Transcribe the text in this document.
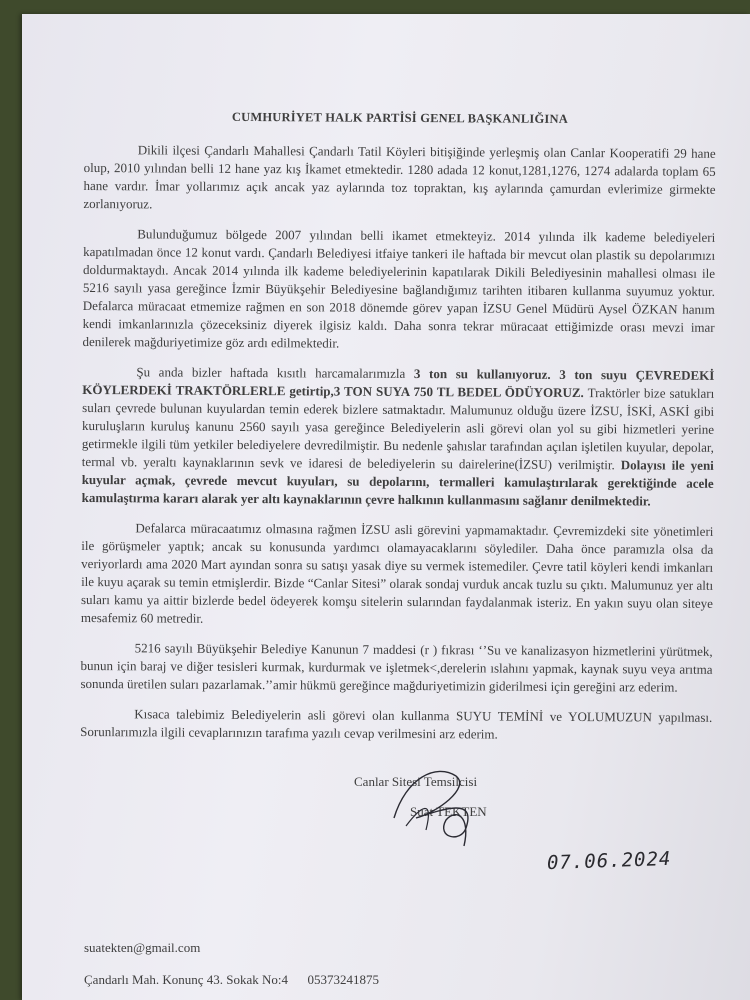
CUMHURİYET HALK PARTİSİ GENEL BAŞKANLIĞINA

Dikili ilçesi Çandarlı Mahallesi Çandarlı Tatil Köyleri bitişiğinde yerleşmiş olan Canlar Kooperatifi 29 hane olup, 2010 yılından belli 12 hane yaz kış İkamet etmektedir. 1280 adada 12 konut,1281,1276, 1274 adalarda toplam 65 hane vardır. İmar yollarımız açık ancak yaz aylarında toz topraktan, kış aylarında çamurdan evlerimize girmekte zorlanıyoruz.

Bulunduğumuz bölgede 2007 yılından belli ikamet etmekteyiz. 2014 yılında ilk kademe belediyeleri kapatılmadan önce 12 konut vardı. Çandarlı Belediyesi itfaiye tankeri ile haftada bir mevcut olan plastik su depolarımızı doldurmaktaydı. Ancak 2014 yılında ilk kademe belediyelerinin kapatılarak Dikili Belediyesinin mahallesi olması ile 5216 sayılı yasa gereğince İzmir Büyükşehir Belediyesine bağlandığımız tarihten itibaren kullanma suyumuz yoktur. Defalarca müracaat etmemize rağmen en son 2018 dönemde görev yapan İZSU Genel Müdürü Aysel ÖZKAN hanım kendi imkanlarınızla çözeceksiniz diyerek ilgisiz kaldı. Daha sonra tekrar müracaat ettiğimizde orası mevzi imar denilerek mağduriyetimize göz ardı edilmektedir.

Şu anda bizler haftada kısıtlı harcamalarımızla 3 ton su kullanıyoruz. 3 ton suyu ÇEVREDEKİ KÖYLERDEKİ TRAKTÖRLERLE getirtip,3 TON SUYA 750 TL BEDEL ÖDÜYORUZ. Traktörler bize satukları suları çevrede bulunan kuyulardan temin ederek bizlere satmaktadır. Malumunuz olduğu üzere İZSU, İSKİ, ASKİ gibi kuruluşların kuruluş kanunu 2560 sayılı yasa gereğince Belediyelerin asli görevi olan yol su gibi hizmetleri yerine getirmekle ilgili tüm yetkiler belediyelere devredilmiştir. Bu nedenle şahıslar tarafından açılan işletilen kuyular, depolar, termal vb. yeraltı kaynaklarının sevk ve idaresi de belediyelerin su dairelerine(İZSU) verilmiştir. Dolayısı ile yeni kuyular açmak, çevrede mevcut kuyuları, su depolarını, termalleri kamulaştırılarak gerektiğinde acele kamulaştırma kararı alarak yer altı kaynaklarının çevre halkının kullanmasını sağlanır denilmektedir.

Defalarca müracaatımız olmasına rağmen İZSU asli görevini yapmamaktadır. Çevremizdeki site yönetimleri ile görüşmeler yaptık; ancak su konusunda yardımcı olamayacaklarını söylediler. Daha önce paramızla olsa da veriyorlardı ama 2020 Mart ayından sonra su satışı yasak diye su vermek istemediler. Çevre tatil köyleri kendi imkanları ile kuyu açarak su temin etmişlerdir. Bizde “Canlar Sitesi” olarak sondaj vurduk ancak tuzlu su çıktı. Malumunuz yer altı suları kamu ya aittir bizlerde bedel ödeyerek komşu sitelerin sularından faydalanmak isteriz. En yakın suyu olan siteye mesafemiz 60 metredir.

5216 sayılı Büyükşehir Belediye Kanunun 7 maddesi (r ) fıkrası ‘’Su ve kanalizasyon hizmetlerini yürütmek, bunun için baraj ve diğer tesisleri kurmak, kurdurmak ve işletmek<,derelerin ıslahını yapmak, kaynak suyu veya arıtma sonunda üretilen suları pazarlamak.’’amir hükmü gereğince mağduriyetimizin giderilmesi için gereğini arz ederim.

Kısaca talebimiz Belediyelerin asli görevi olan kullanma SUYU TEMİNİ ve YOLUMUZUN yapılması. Sorunlarımızla ilgili cevaplarınızın tarafıma yazılı cevap verilmesini arz ederim.

07.06.2024
Canlar Sitesi Temsilcisi
Suat TEKTEN
suatekten@gmail.com
Çandarlı Mah. Konunç 43. Sokak No:4      05373241875
